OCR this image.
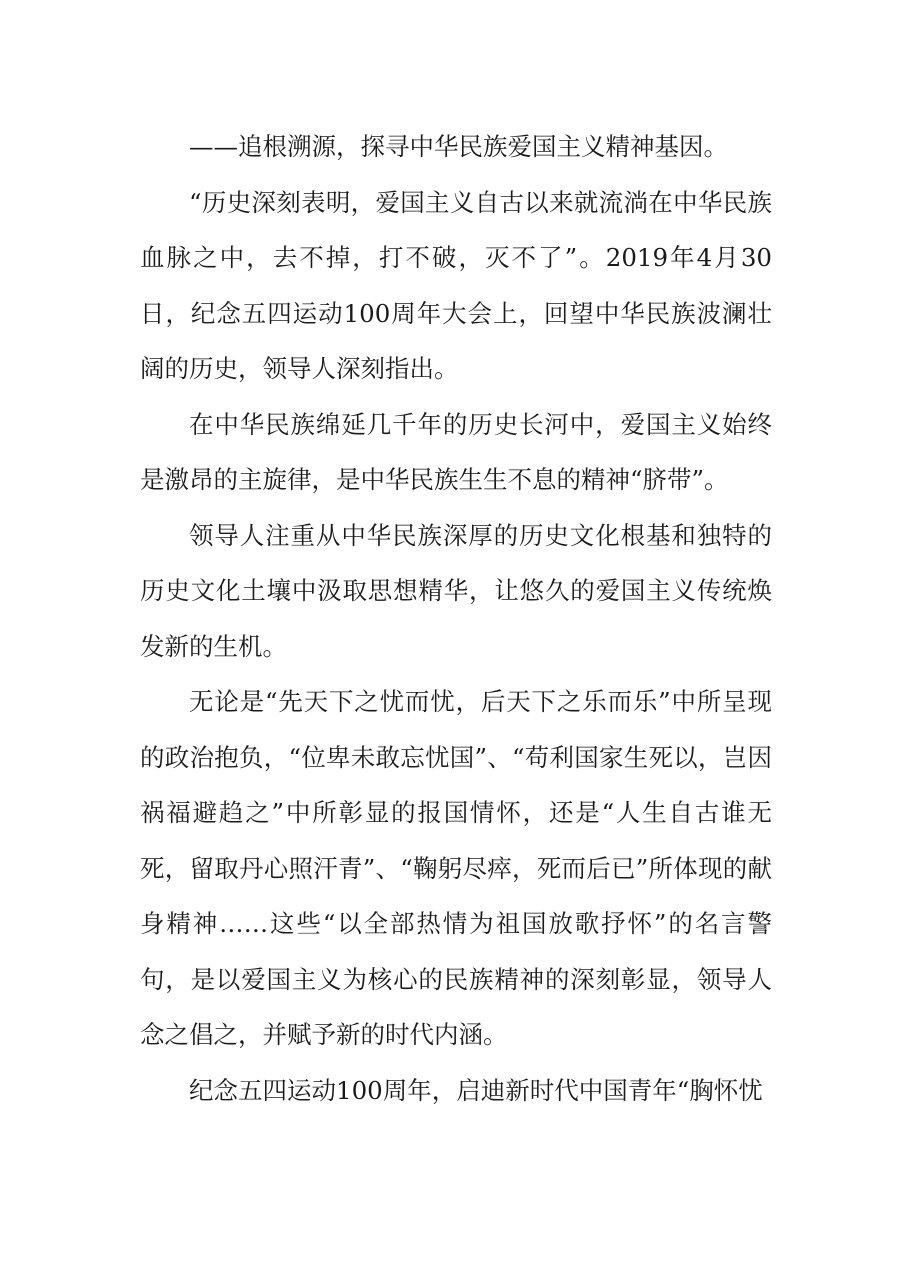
——追根溯源，探寻中华民族爱国主义精神基因。

“历史深刻表明，爱国主义自古以来就流淌在中华民族血脉之中，去不掉，打不破，灭不了”。2019年4月30日，纪念五四运动100周年大会上，回望中华民族波澜壮阔的历史，领导人深刻指出。

在中华民族绵延几千年的历史长河中，爱国主义始终是激昂的主旋律，是中华民族生生不息的精神“脐带”。

领导人注重从中华民族深厚的历史文化根基和独特的历史文化土壤中汲取思想精华，让悠久的爱国主义传统焕发新的生机。

无论是“先天下之忧而忧，后天下之乐而乐”中所呈现的政治抱负，“位卑未敢忘忧国”、“苟利国家生死以，岂因祸福避趋之”中所彰显的报国情怀，还是“人生自古谁无死，留取丹心照汗青”、“鞠躬尽瘁，死而后已”所体现的献身精神……这些“以全部热情为祖国放歌抒怀”的名言警句，是以爱国主义为核心的民族精神的深刻彰显，领导人念之倡之，并赋予新的时代内涵。

纪念五四运动100周年，启迪新时代中国青年“胸怀忧
